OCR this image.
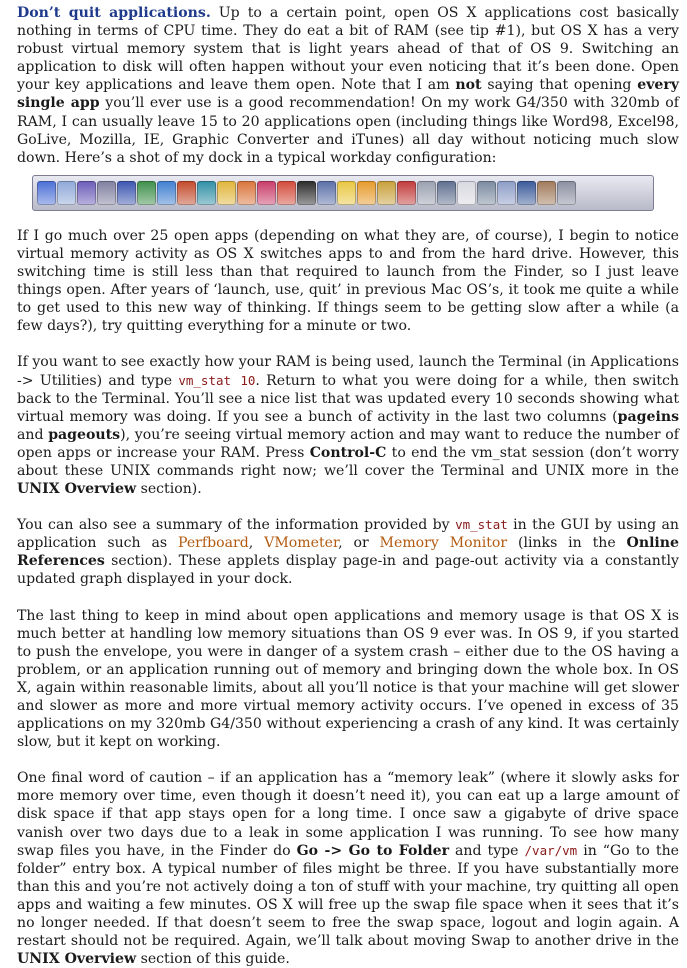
Don’t quit applications. Up to a certain point, open OS X applications cost basically nothing in terms of CPU time. They do eat a bit of RAM (see tip #1), but OS X has a very robust virtual memory system that is light years ahead of that of OS 9. Switching an application to disk will often happen without your even noticing that it’s been done. Open your key applications and leave them open. Note that I am not saying that opening every single app you’ll ever use is a good recommendation! On my work G4/350 with 320mb of RAM, I can usually leave 15 to 20 applications open (including things like Word98, Excel98, GoLive, Mozilla, IE, Graphic Converter and iTunes) all day without noticing much slow down. Here’s a shot of my dock in a typical workday configuration:

If I go much over 25 open apps (depending on what they are, of course), I begin to notice virtual memory activity as OS X switches apps to and from the hard drive. However, this switching time is still less than that required to launch from the Finder, so I just leave things open. After years of ‘launch, use, quit’ in previous Mac OS’s, it took me quite a while to get used to this new way of thinking. If things seem to be getting slow after a while (a few days?), try quitting everything for a minute or two.

If you want to see exactly how your RAM is being used, launch the Terminal (in Applications -> Utilities) and type vm_stat 10. Return to what you were doing for a while, then switch back to the Terminal. You’ll see a nice list that was updated every 10 seconds showing what virtual memory was doing. If you see a bunch of activity in the last two columns (pageins and pageouts), you’re seeing virtual memory action and may want to reduce the number of open apps or increase your RAM. Press Control-C to end the vm_stat session (don’t worry about these UNIX commands right now; we’ll cover the Terminal and UNIX more in the UNIX Overview section).

You can also see a summary of the information provided by vm_stat in the GUI by using an application such as Perfboard, VMometer, or Memory Monitor (links in the Online References section). These applets display page-in and page-out activity via a constantly updated graph displayed in your dock.

The last thing to keep in mind about open applications and memory usage is that OS X is much better at handling low memory situations than OS 9 ever was. In OS 9, if you started to push the envelope, you were in danger of a system crash – either due to the OS having a problem, or an application running out of memory and bringing down the whole box. In OS X, again within reasonable limits, about all you’ll notice is that your machine will get slower and slower as more and more virtual memory activity occurs. I’ve opened in excess of 35 applications on my 320mb G4/350 without experiencing a crash of any kind. It was certainly slow, but it kept on working.

One final word of caution – if an application has a “memory leak” (where it slowly asks for more memory over time, even though it doesn’t need it), you can eat up a large amount of disk space if that app stays open for a long time. I once saw a gigabyte of drive space vanish over two days due to a leak in some application I was running. To see how many swap files you have, in the Finder do Go -> Go to Folder and type /var/vm in “Go to the folder” entry box. A typical number of files might be three. If you have substantially more than this and you’re not actively doing a ton of stuff with your machine, try quitting all open apps and waiting a few minutes. OS X will free up the swap file space when it sees that it’s no longer needed. If that doesn’t seem to free the swap space, logout and login again. A restart should not be required. Again, we’ll talk about moving Swap to another drive in the UNIX Overview section of this guide.
